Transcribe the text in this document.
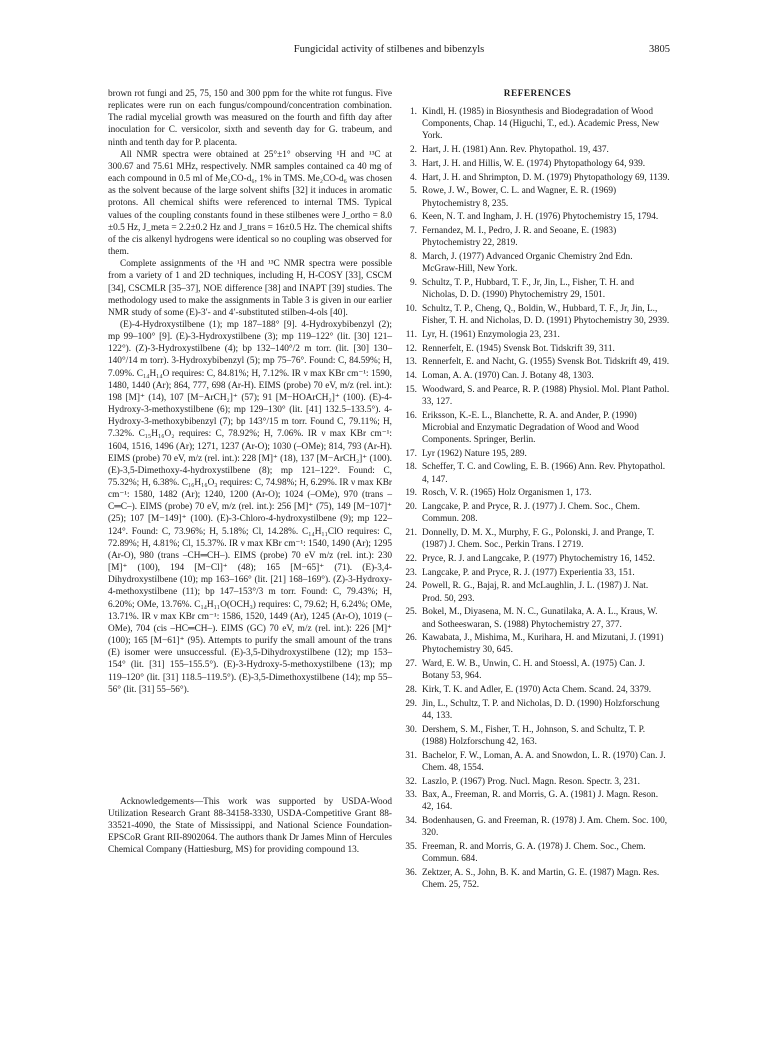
Fungicidal activity of stilbenes and bibenzyls	3805

brown rot fungi and 25, 75, 150 and 300 ppm for the white rot fungus. Five replicates were run on each fungus/compound/concentration combination. The radial mycelial growth was measured on the fourth and fifth day after inoculation for C. versicolor, sixth and seventh day for G. trabeum, and ninth and tenth day for P. placenta.

All NMR spectra were obtained at 25°±1° observing ¹H and ¹³C at 300.67 and 75.61 MHz, respectively. NMR samples contained ca 40 mg of each compound in 0.5 ml of Me₂CO-d₆, 1% in TMS. Me₂CO-d₆ was chosen as the solvent because of the large solvent shifts [32] it induces in aromatic protons. All chemical shifts were referenced to internal TMS. Typical values of the coupling constants found in these stilbenes were J_ortho = 8.0 ±0.5 Hz, J_meta = 2.2±0.2 Hz and J_trans = 16±0.5 Hz. The chemical shifts of the cis alkenyl hydrogens were identical so no coupling was observed for them.

Complete assignments of the ¹H and ¹³C NMR spectra were possible from a variety of 1 and 2D techniques, including H, H-COSY [33], CSCM [34], CSCMLR [35–37], NOE difference [38] and INAPT [39] studies. The methodology used to make the assignments in Table 3 is given in our earlier NMR study of some (E)-3′- and 4′-substituted stilben-4-ols [40].

(E)-4-Hydroxystilbene (1); mp 187–188° [9]. 4-Hydroxybibenzyl (2); mp 99–100° [9]. (E)-3-Hydroxystilbene (3); mp 119–122° (lit. [30] 121–122°). (Z)-3-Hydroxystilbene (4); bp 132–140°/2 m torr. (lit. [30] 130–140°/14 m torr). 3-Hydroxybibenzyl (5); mp 75–76°. Found: C, 84.59%; H, 7.09%. C₁₄H₁₄O requires: C, 84.81%; H, 7.12%. IR ν max KBr cm⁻¹: 1590, 1480, 1440 (Ar); 864, 777, 698 (Ar-H). EIMS (probe) 70 eV, m/z (rel. int.): 198 [M]⁺ (14), 107 [M−ArCH₂]⁺ (57); 91 [M−HOArCH₂]⁺ (100). (E)-4-Hydroxy-3-methoxystilbene (6); mp 129–130° (lit. [41] 132.5–133.5°). 4-Hydroxy-3-methoxybibenzyl (7); bp 143°/15 m torr. Found C, 79.11%; H, 7.32%. C₁₅H₁₆O₂ requires: C, 78.92%; H, 7.06%. IR ν max KBr cm⁻¹: 1604, 1516, 1496 (Ar); 1271, 1237 (Ar-O); 1030 (–OMe); 814, 793 (Ar-H). EIMS (probe) 70 eV, m/z (rel. int.): 228 [M]⁺ (18), 137 [M−ArCH₂]⁺ (100). (E)-3,5-Dimethoxy-4-hydroxystilbene (8); mp 121–122°. Found: C, 75.32%; H, 6.38%. C₁₆H₁₆O₃ requires: C, 74.98%; H, 6.29%. IR ν max KBr cm⁻¹: 1580, 1482 (Ar); 1240, 1200 (Ar-O); 1024 (–OMe), 970 (trans –C═C–). EIMS (probe) 70 eV, m/z (rel. int.): 256 [M]⁺ (75), 149 [M−107]⁺ (25); 107 [M−149]⁺ (100). (E)-3-Chloro-4-hydroxystilbene (9); mp 122–124°. Found: C, 73.96%; H, 5.18%; Cl, 14.28%. C₁₄H₁₁ClO requires: C, 72.89%; H, 4.81%; Cl, 15.37%. IR ν max KBr cm⁻¹: 1540, 1490 (Ar); 1295 (Ar-O), 980 (trans –CH═CH–). EIMS (probe) 70 eV m/z (rel. int.): 230 [M]⁺ (100), 194 [M−Cl]⁺ (48); 165 [M−65]⁺ (71). (E)-3,4-Dihydroxystilbene (10); mp 163–166° (lit. [21] 168–169°). (Z)-3-Hydroxy-4-methoxystilbene (11); bp 147–153°/3 m torr. Found: C, 79.43%; H, 6.20%; OMe, 13.76%. C₁₄H₁₁O(OCH₃) requires: C, 79.62; H, 6.24%; OMe, 13.71%. IR ν max KBr cm⁻¹: 1586, 1520, 1449 (Ar), 1245 (Ar-O), 1019 (–OMe), 704 (cis –HC═CH–). EIMS (GC) 70 eV, m/z (rel. int.): 226 [M]⁺ (100); 165 [M−61]⁺ (95). Attempts to purify the small amount of the trans (E) isomer were unsuccessful. (E)-3,5-Dihydroxystilbene (12); mp 153–154° (lit. [31] 155–155.5°). (E)-3-Hydroxy-5-methoxystilbene (13); mp 119–120° (lit. [31] 118.5–119.5°). (E)-3,5-Dimethoxystilbene (14); mp 55–56° (lit. [31] 55–56°).

Acknowledgements—This work was supported by USDA-Wood Utilization Research Grant 88-34158-3330, USDA-Competitive Grant 88-33521-4090, the State of Mississippi, and National Science Foundation-EPSCoR Grant RII-8902064. The authors thank Dr James Minn of Hercules Chemical Company (Hattiesburg, MS) for providing compound 13.

REFERENCES
1. Kindl, H. (1985) in Biosynthesis and Biodegradation of Wood Components, Chap. 14 (Higuchi, T., ed.). Academic Press, New York.
2. Hart, J. H. (1981) Ann. Rev. Phytopathol. 19, 437.
3. Hart, J. H. and Hillis, W. E. (1974) Phytopathology 64, 939.
4. Hart, J. H. and Shrimpton, D. M. (1979) Phytopathology 69, 1139.
5. Rowe, J. W., Bower, C. L. and Wagner, E. R. (1969) Phytochemistry 8, 235.
6. Keen, N. T. and Ingham, J. H. (1976) Phytochemistry 15, 1794.
7. Fernandez, M. I., Pedro, J. R. and Seoane, E. (1983) Phytochemistry 22, 2819.
8. March, J. (1977) Advanced Organic Chemistry 2nd Edn. McGraw-Hill, New York.
9. Schultz, T. P., Hubbard, T. F., Jr, Jin, L., Fisher, T. H. and Nicholas, D. D. (1990) Phytochemistry 29, 1501.
10. Schultz, T. P., Cheng, Q., Boldin, W., Hubbard, T. F., Jr, Jin, L., Fisher, T. H. and Nicholas, D. D. (1991) Phytochemistry 30, 2939.
11. Lyr, H. (1961) Enzymologia 23, 231.
12. Rennerfelt, E. (1945) Svensk Bot. Tidskrift 39, 311.
13. Rennerfelt, E. and Nacht, G. (1955) Svensk Bot. Tidskrift 49, 419.
14. Loman, A. A. (1970) Can. J. Botany 48, 1303.
15. Woodward, S. and Pearce, R. P. (1988) Physiol. Mol. Plant Pathol. 33, 127.
16. Eriksson, K.-E. L., Blanchette, R. A. and Ander, P. (1990) Microbial and Enzymatic Degradation of Wood and Wood Components. Springer, Berlin.
17. Lyr (1962) Nature 195, 289.
18. Scheffer, T. C. and Cowling, E. B. (1966) Ann. Rev. Phytopathol. 4, 147.
19. Rosch, V. R. (1965) Holz Organismen 1, 173.
20. Langcake, P. and Pryce, R. J. (1977) J. Chem. Soc., Chem. Commun. 208.
21. Donnelly, D. M. X., Murphy, F. G., Polonski, J. and Prange, T. (1987) J. Chem. Soc., Perkin Trans. I 2719.
22. Pryce, R. J. and Langcake, P. (1977) Phytochemistry 16, 1452.
23. Langcake, P. and Pryce, R. J. (1977) Experientia 33, 151.
24. Powell, R. G., Bajaj, R. and McLaughlin, J. L. (1987) J. Nat. Prod. 50, 293.
25. Bokel, M., Diyasena, M. N. C., Gunatilaka, A. A. L., Kraus, W. and Sotheeswaran, S. (1988) Phytochemistry 27, 377.
26. Kawabata, J., Mishima, M., Kurihara, H. and Mizutani, J. (1991) Phytochemistry 30, 645.
27. Ward, E. W. B., Unwin, C. H. and Stoessl, A. (1975) Can. J. Botany 53, 964.
28. Kirk, T. K. and Adler, E. (1970) Acta Chem. Scand. 24, 3379.
29. Jin, L., Schultz, T. P. and Nicholas, D. D. (1990) Holzforschung 44, 133.
30. Dershem, S. M., Fisher, T. H., Johnson, S. and Schultz, T. P. (1988) Holzforschung 42, 163.
31. Bachelor, F. W., Loman, A. A. and Snowdon, L. R. (1970) Can. J. Chem. 48, 1554.
32. Laszlo, P. (1967) Prog. Nucl. Magn. Reson. Spectr. 3, 231.
33. Bax, A., Freeman, R. and Morris, G. A. (1981) J. Magn. Reson. 42, 164.
34. Bodenhausen, G. and Freeman, R. (1978) J. Am. Chem. Soc. 100, 320.
35. Freeman, R. and Morris, G. A. (1978) J. Chem. Soc., Chem. Commun. 684.
36. Zektzer, A. S., John, B. K. and Martin, G. E. (1987) Magn. Res. Chem. 25, 752.
